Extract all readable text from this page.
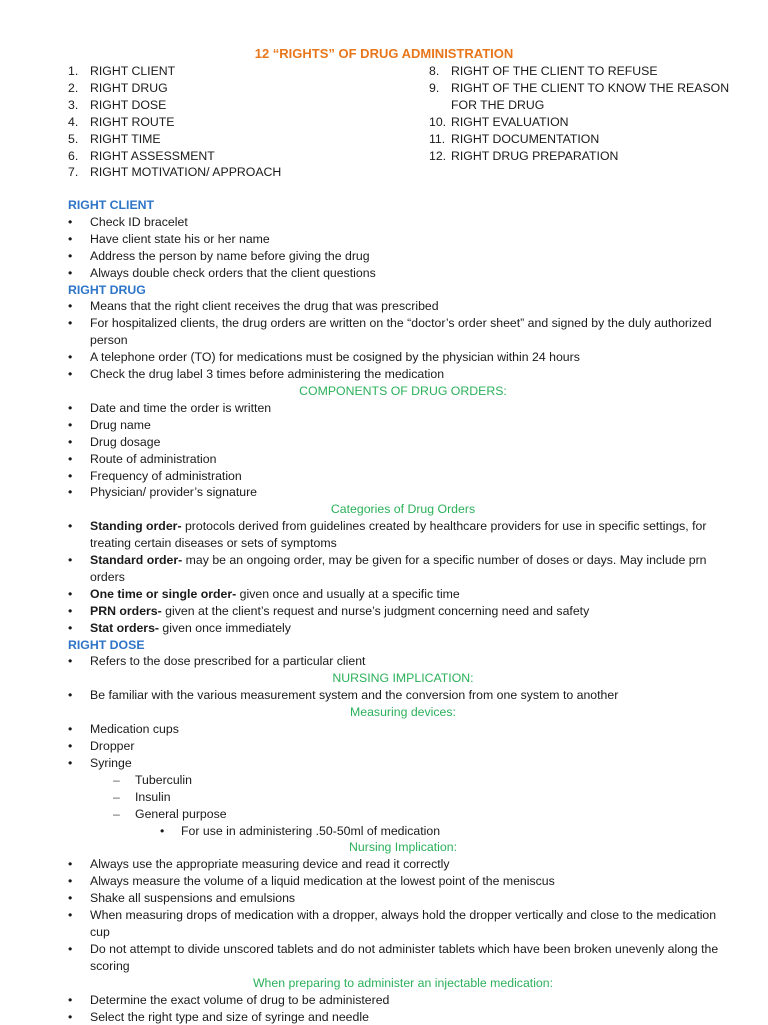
12 “RIGHTS” OF DRUG ADMINISTRATION
1. RIGHT CLIENT
2. RIGHT DRUG
3. RIGHT DOSE
4. RIGHT ROUTE
5. RIGHT TIME
6. RIGHT ASSESSMENT
7. RIGHT MOTIVATION/ APPROACH
8. RIGHT OF THE CLIENT TO REFUSE
9. RIGHT OF THE CLIENT TO KNOW THE REASON FOR THE DRUG
10. RIGHT EVALUATION
11. RIGHT DOCUMENTATION
12. RIGHT DRUG PREPARATION
RIGHT CLIENT
• Check ID bracelet
• Have client state his or her name
• Address the person by name before giving the drug
• Always double check orders that the client questions
RIGHT DRUG
• Means that the right client receives the drug that was prescribed
• For hospitalized clients, the drug orders are written on the “doctor’s order sheet” and signed by the duly authorized person
• A telephone order (TO) for medications must be cosigned by the physician within 24 hours
• Check the drug label 3 times before administering the medication
COMPONENTS OF DRUG ORDERS:
• Date and time the order is written
• Drug name
• Drug dosage
• Route of administration
• Frequency of administration
• Physician/ provider’s signature
Categories of Drug Orders
• Standing order- protocols derived from guidelines created by healthcare providers for use in specific settings, for treating certain diseases or sets of symptoms
• Standard order- may be an ongoing order, may be given for a specific number of doses or days. May include prn orders
• One time or single order- given once and usually at a specific time
• PRN orders- given at the client’s request and nurse’s judgment concerning need and safety
• Stat orders- given once immediately
RIGHT DOSE
• Refers to the dose prescribed for a particular client
NURSING IMPLICATION:
• Be familiar with the various measurement system and the conversion from one system to another
Measuring devices:
• Medication cups
• Dropper
• Syringe
– Tuberculin
– Insulin
– General purpose
• For use in administering .50-50ml of medication
Nursing Implication:
• Always use the appropriate measuring device and read it correctly
• Always measure the volume of a liquid medication at the lowest point of the meniscus
• Shake all suspensions and emulsions
• When measuring drops of medication with a dropper, always hold the dropper vertically and close to the medication cup
• Do not attempt to divide unscored tablets and do not administer tablets which have been broken unevenly along the scoring
When preparing to administer an injectable medication:
• Determine the exact volume of drug to be administered
• Select the right type and size of syringe and needle
